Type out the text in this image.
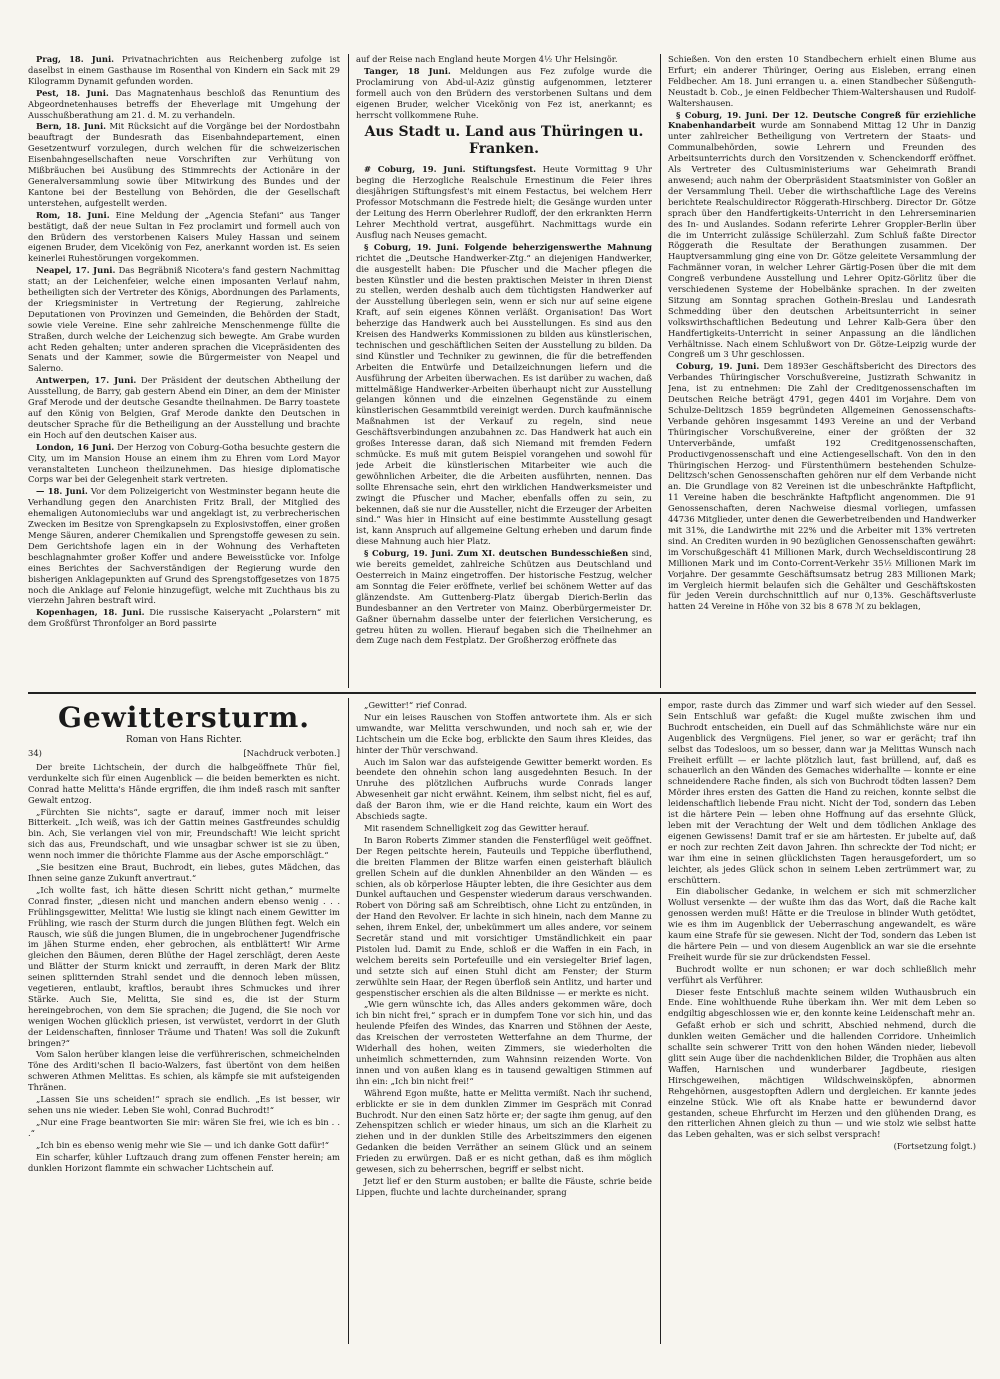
Prag, 18. Juni. Privatnachrichten aus Reichenberg zufolge ist daselbst in einem Gasthause im Rosenthal von Kindern ein Sack mit 29 Kilogramm Dynamit gefunden worden.

Pest, 18. Juni. Das Magnatenhaus beschloß das Renuntium des Abgeordnetenhauses betreffs der Eheverlage mit Umgehung der Ausschußberathung am 21. d. M. zu verhandeln.

Bern, 18. Juni. Mit Rücksicht auf die Vorgänge bei der Nordostbahn beauftragt der Bundesrath das Eisenbahndepartement, einen Gesetzentwurf vorzulegen, durch welchen für die schweizerischen Eisenbahngesellschaften neue Vorschriften zur Verhütung von Mißbräuchen bei Ausübung des Stimmrechts der Actionäre in der Generalversammlung sowie über Mitwirkung des Bundes und der Kantone bei der Bestellung von Behörden, die der Gesellschaft unterstehen, aufgestellt werden.

Rom, 18. Juni. Eine Meldung der „Agencia Stefani“ aus Tanger bestätigt, daß der neue Sultan in Fez proclamirt und formell auch von den Brüdern des verstorbenen Kaisers Muley Hassan und seinem eigenen Bruder, dem Vicekönig von Fez, anerkannt worden ist. Es seien keinerlei Ruhestörungen vorgekommen.

Neapel, 17. Juni. Das Begräbniß Nicotera's fand gestern Nachmittag statt; an der Leichenfeier, welche einen imposanten Verlauf nahm, betheiligten sich der Vertreter des Königs, Abordnungen des Parlaments, der Kriegsminister in Vertretung der Regierung, zahlreiche Deputationen von Provinzen und Gemeinden, die Behörden der Stadt, sowie viele Vereine. Eine sehr zahlreiche Menschenmenge füllte die Straßen, durch welche der Leichenzug sich bewegte. Am Grabe wurden acht Reden gehalten; unter anderen sprachen die Vicepräsidenten des Senats und der Kammer, sowie die Bürgermeister von Neapel und Salerno.

Antwerpen, 17. Juni. Der Präsident der deutschen Abtheilung der Ausstellung, de Barry, gab gestern Abend ein Diner, an dem der Minister Graf Merode und der deutsche Gesandte theilnahmen. De Barry toastete auf den König von Belgien, Graf Merode dankte den Deutschen in deutscher Sprache für die Betheiligung an der Ausstellung und brachte ein Hoch auf den deutschen Kaiser aus.

London, 16 Juni. Der Herzog von Coburg-Gotha besuchte gestern die City, um im Mansion House an einem ihm zu Ehren vom Lord Mayor veranstalteten Luncheon theilzunehmen. Das hiesige diplomatische Corps war bei der Gelegenheit stark vertreten.

— 18. Juni. Vor dem Polizeigericht von Westminster begann heute die Verhandlung gegen den Anarchisten Fritz Brall, der Mitglied des ehemaligen Autonomieclubs war und angeklagt ist, zu verbrecherischen Zwecken im Besitze von Sprengkapseln zu Explosivstoffen, einer großen Menge Säuren, anderer Chemikalien und Sprengstoffe gewesen zu sein. Dem Gerichtshofe lagen ein in der Wohnung des Verhafteten beschlagnahmter großer Koffer und andere Beweisstücke vor. Infolge eines Berichtes der Sachverständigen der Regierung wurde den bisherigen Anklagepunkten auf Grund des Sprengstoffgesetzes von 1875 noch die Anklage auf Felonie hinzugefügt, welche mit Zuchthaus bis zu vierzehn Jahren bestraft wird.

Kopenhagen, 18. Juni. Die russische Kaiseryacht „Polarstern“ mit dem Großfürst Thronfolger an Bord passirte

auf der Reise nach England heute Morgen 4½ Uhr Helsingör.

Tanger, 18 Juni. Meldungen aus Fez zufolge wurde die Proclamirung von Abd-ul-Aziz günstig aufgenommen, letzterer formell auch von den Brüdern des verstorbenen Sultans und dem eigenen Bruder, welcher Vicekönig von Fez ist, anerkannt; es herrscht vollkommene Ruhe.

Aus Stadt u. Land aus Thüringen u. Franken.

# Coburg, 19. Juni. Stiftungsfest. Heute Vormittag 9 Uhr beging die Herzogliche Realschule Ernestinum die Feier ihres diesjährigen Stiftungsfest's mit einem Festactus, bei welchem Herr Professor Motschmann die Festrede hielt; die Gesänge wurden unter der Leitung des Herrn Oberlehrer Rudloff, der den erkrankten Herrn Lehrer Mechthold vertrat, ausgeführt. Nachmittags wurde ein Ausflug nach Neuses gemacht.

§ Coburg, 19. Juni. Folgende beherzigenswerthe Mahnung richtet die „Deutsche Handwerker-Ztg.“ an diejenigen Handwerker, die ausgestellt haben: Die Pfuscher und die Macher pflegen die besten Künstler und die besten praktischen Meister in ihren Dienst zu stellen, werden deshalb auch dem tüchtigsten Handwerker auf der Ausstellung überlegen sein, wenn er sich nur auf seine eigene Kraft, auf sein eigenes Können verläßt. Organisation! Das Wort beherzige das Handwerk auch bei Ausstellungen. Es sind aus den Kreisen des Handwerks Kommissionen zu bilden aus künstlerischen, technischen und geschäftlichen Seiten der Ausstellung zu bilden. Da sind Künstler und Techniker zu gewinnen, die für die betreffenden Arbeiten die Entwürfe und Detailzeichnungen liefern und die Ausführung der Arbeiten überwachen. Es ist darüber zu wachen, daß mittelmäßige Handwerker-Arbeiten überhaupt nicht zur Ausstellung gelangen können und die einzelnen Gegenstände zu einem künstlerischen Gesammtbild vereinigt werden. Durch kaufmännische Maßnahmen ist der Verkauf zu regeln, sind neue Geschäftsverbindungen anzubahnen zc. Das Handwerk hat auch ein großes Interesse daran, daß sich Niemand mit fremden Federn schmücke. Es muß mit gutem Beispiel vorangehen und sowohl für jede Arbeit die künstlerischen Mitarbeiter wie auch die gewöhnlichen Arbeiter, die die Arbeiten ausführten, nennen. Das sollte Ehrensache sein, ehrt den wirklichen Handwerksmeister und zwingt die Pfuscher und Macher, ebenfalls offen zu sein, zu bekennen, daß sie nur die Aussteller, nicht die Erzeuger der Arbeiten sind.“ Was hier in Hinsicht auf eine bestimmte Ausstellung gesagt ist, kann Anspruch auf allgemeine Geltung erheben und darum finde diese Mahnung auch hier Platz.

§ Coburg, 19. Juni. Zum XI. deutschen Bundesschießen sind, wie bereits gemeldet, zahlreiche Schützen aus Deutschland und Oesterreich in Mainz eingetroffen. Der historische Festzug, welcher am Sonntag die Feier eröffnete, verlief bei schönem Wetter auf das glänzendste. Am Guttenberg-Platz übergab Dierich-Berlin das Bundesbanner an den Vertreter von Mainz. Oberbürgermeister Dr. Gaßner übernahm dasselbe unter der feierlichen Versicherung, es getreu hüten zu wollen. Hierauf begaben sich die Theilnehmer an dem Zuge nach dem Festplatz. Der Großherzog eröffnete das

Schießen. Von den ersten 10 Standbechern erhielt einen Blume aus Erfurt; ein anderer Thüringer, Oering aus Eisleben, errang einen Feldbecher. Am 18. Juni errangen u. a. einen Standbecher Süßenguth-Neustadt b. Cob., je einen Feldbecher Thiem-Waltershausen und Rudolf-Waltershausen.

§ Coburg, 19. Juni. Der 12. Deutsche Congreß für erziehliche Knabenhandarbeit wurde am Sonnabend Mittag 12 Uhr in Danzig unter zahlreicher Betheiligung von Vertretern der Staats- und Communalbehörden, sowie Lehrern und Freunden des Arbeitsunterrichts durch den Vorsitzenden v. Schenckendorff eröffnet. Als Vertreter des Cultusministeriums war Geheimrath Brandi anwesend; auch nahm der Oberpräsident Staatsminister von Goßler an der Versammlung Theil. Ueber die wirthschaftliche Lage des Vereins berichtete Realschuldirector Röggerath-Hirschberg. Director Dr. Götze sprach über den Handfertigkeits-Unterricht in den Lehrerseminarien des In- und Auslandes. Sodann referirte Lehrer Groppler-Berlin über die im Unterricht zulässige Schülerzahl. Zum Schluß faßte Director Röggerath die Resultate der Berathungen zusammen. Der Hauptversammlung ging eine von Dr. Götze geleitete Versammlung der Fachmänner voran, in welcher Lehrer Gärtig-Posen über die mit dem Congreß verbundene Ausstellung und Lehrer Opitz-Görlitz über die verschiedenen Systeme der Hobelbänke sprachen. In der zweiten Sitzung am Sonntag sprachen Gothein-Breslau und Landesrath Schmedding über den deutschen Arbeitsunterricht in seiner volkswirthschaftlichen Bedeutung und Lehrer Kalb-Gera über den Handfertigkeits-Unterricht in seiner Anpassung an die ländlichen Verhältnisse. Nach einem Schlußwort von Dr. Götze-Leipzig wurde der Congreß um 3 Uhr geschlossen.

Coburg, 19. Juni. Dem 1893er Geschäftsbericht des Directors des Verbandes Thüringischer Vorschußvereine, Justizrath Schwanitz in Jena, ist zu entnehmen: Die Zahl der Creditgenossenschaften im Deutschen Reiche beträgt 4791, gegen 4401 im Vorjahre. Dem von Schulze-Delitzsch 1859 begründeten Allgemeinen Genossenschafts-Verbande gehören insgesammt 1493 Vereine an und der Verband Thüringischer Vorschußvereine, einer der größten der 32 Unterverbände, umfaßt 192 Creditgenossenschaften, Productivgenossenschaft und eine Actiengesellschaft. Von den in den Thüringischen Herzog- und Fürstenthümern bestehenden Schulze-Delitzsch'schen Genossenschaften gehören nur elf dem Verbande nicht an. Die Grundlage von 82 Vereinen ist die unbeschränkte Haftpflicht, 11 Vereine haben die beschränkte Haftpflicht angenommen. Die 91 Genossenschaften, deren Nachweise diesmal vorliegen, umfassen 44736 Mitglieder, unter denen die Gewerbetreibenden und Handwerker mit 31%, die Landwirthe mit 22% und die Arbeiter mit 13% vertreten sind. An Crediten wurden in 90 bezüglichen Genossenschaften gewährt: im Vorschußgeschäft 41 Millionen Mark, durch Wechseldiscontirung 28 Millionen Mark und im Conto-Corrent-Verkehr 35½ Millionen Mark im Vorjahre. Der gesammte Geschäftsumsatz betrug 283 Millionen Mark; im Vergleich hiermit belaufen sich die Gehälter und Geschäftskosten für jeden Verein durchschnittlich auf nur 0,13%. Geschäftsverluste hatten 24 Vereine in Höhe von 32 bis 8 678 ℳ zu beklagen,

Gewittersturm.
Roman von Hans Richter.
34)	[Nachdruck verboten.]

Der breite Lichtschein, der durch die halbgeöffnete Thür fiel, verdunkelte sich für einen Augenblick — die beiden bemerkten es nicht. Conrad hatte Melitta's Hände ergriffen, die ihm indeß rasch mit sanfter Gewalt entzog.

„Fürchten Sie nichts“, sagte er darauf, immer noch mit leiser Bitterkeit. „Ich weiß, was ich der Gattin meines Gastfreundes schuldig bin. Ach, Sie verlangen viel von mir, Freundschaft! Wie leicht spricht sich das aus, Freundschaft, und wie unsagbar schwer ist sie zu üben, wenn noch immer die thörichte Flamme aus der Asche emporschlägt.“

„Sie besitzen eine Braut, Buchrodt, ein liebes, gutes Mädchen, das Ihnen seine ganze Zukunft anvertraut.“

„Ich wollte fast, ich hätte diesen Schritt nicht gethan,“ murmelte Conrad finster, „diesen nicht und manchen andern ebenso wenig . . . Frühlingsgewitter, Melitta! Wie lustig sie klingt nach einem Gewitter im Frühling, wie rasch der Sturm durch die jungen Blüthen fegt. Welch ein Rausch, wie süß die jungen Blumen, die in ungebrochener Jugendfrische im jähen Sturme enden, eher gebrochen, als entblättert! Wir Arme gleichen den Bäumen, deren Blüthe der Hagel zerschlägt, deren Aeste und Blätter der Sturm knickt und zerraufft, in deren Mark der Blitz seinen splitternden Strahl sendet und die dennoch leben müssen, vegetieren, entlaubt, kraftlos, beraubt ihres Schmuckes und ihrer Stärke. Auch Sie, Melitta, Sie sind es, die ist der Sturm hereingebrochen, von dem Sie sprachen; die Jugend, die Sie noch vor wenigen Wochen glücklich priesen, ist verwüstet, verdorrt in der Gluth der Leidenschaften, finnloser Träume und Thaten! Was soll die Zukunft bringen?“

Vom Salon herüber klangen leise die verführerischen, schmeichelnden Töne des Arditi'schen Il bacio-Walzers, fast übertönt von dem heißen schweren Athmen Melittas. Es schien, als kämpfe sie mit aufsteigenden Thränen.

„Lassen Sie uns scheiden!“ sprach sie endlich. „Es ist besser, wir sehen uns nie wieder. Leben Sie wohl, Conrad Buchrodt!“

„Nur eine Frage beantworten Sie mir: wären Sie frei, wie ich es bin . . .“

„Ich bin es ebenso wenig mehr wie Sie — und ich danke Gott dafür!“

Ein scharfer, kühler Luftzauch drang zum offenen Fenster herein; am dunklen Horizont flammte ein schwacher Lichtschein auf.

„Gewitter!“ rief Conrad.

Nur ein leises Rauschen von Stoffen antwortete ihm. Als er sich umwandte, war Melitta verschwunden, und noch sah er, wie der Lichtschein um die Ecke bog, erblickte den Saum ihres Kleides, das hinter der Thür verschwand.

Auch im Salon war das aufsteigende Gewitter bemerkt worden. Es beendete den ohnehin schon lang ausgedehnten Besuch. In der Unruhe des plötzlichen Aufbruchs wurde Conrads langer Abwesenheit gar nicht erwähnt. Keinem, ihm selbst nicht, fiel es auf, daß der Baron ihm, wie er die Hand reichte, kaum ein Wort des Abschieds sagte.

Mit rasendem Schnelligkeit zog das Gewitter herauf.

In Baron Roberts Zimmer standen die Fensterflügel weit geöffnet. Der Regen peitschte herein, Fauteuils und Teppiche überfluthend, die breiten Flammen der Blitze warfen einen geisterhaft bläulich grellen Schein auf die dunklen Ahnenbilder an den Wänden — es schien, als ob körperlose Häupter lebten, die ihre Gesichter aus dem Dunkel auftauchen und Gespenster wiederum daraus verschwanden. Robert von Döring saß am Schreibtisch, ohne Licht zu entzünden, in der Hand den Revolver. Er lachte in sich hinein, nach dem Manne zu sehen, ihrem Enkel, der, unbekümmert um alles andere, vor seinem Secretär stand und mit vorsichtiger Umständlichkeit ein paar Pistolen lud. Damit zu Ende, schloß er die Waffen in ein Fach, in welchem bereits sein Portefeuille und ein versiegelter Brief lagen, und setzte sich auf einen Stuhl dicht am Fenster; der Sturm zerwühlte sein Haar, der Regen überfloß sein Antlitz, und harter und gespenstischer erschien als die alten Bildnisse — er merkte es nicht.

„Wie gern wünschte ich, das Alles anders gekommen wäre, doch ich bin nicht frei,“ sprach er in dumpfem Tone vor sich hin, und das heulende Pfeifen des Windes, das Knarren und Stöhnen der Aeste, das Kreischen der verrosteten Wetterfahne an dem Thurme, der Widerhall des hohen, weiten Zimmers, sie wiederholten die unheimlich schmetternden, zum Wahnsinn reizenden Worte. Von innen und von außen klang es in tausend gewaltigen Stimmen auf ihn ein: „Ich bin nicht frei!“

Während Egon mußte, hatte er Melitta vermißt. Nach ihr suchend, erblickte er sie in dem dunklen Zimmer im Gespräch mit Conrad Buchrodt. Nur den einen Satz hörte er; der sagte ihm genug, auf den Zehenspitzen schlich er wieder hinaus, um sich an die Klarheit zu ziehen und in der dunklen Stille des Arbeitszimmers den eigenen Gedanken die beiden Verräther an seinem Glück und an seinem Frieden zu erwürgen. Daß er es nicht gethan, daß es ihm möglich gewesen, sich zu beherrschen, begriff er selbst nicht.

Jetzt lief er den Sturm austoben; er ballte die Fäuste, schrie beide Lippen, fluchte und lachte durcheinander, sprang

empor, raste durch das Zimmer und warf sich wieder auf den Sessel. Sein Entschluß war gefaßt: die Kugel mußte zwischen ihm und Buchrodt entscheiden, ein Duell auf das Schmählichste wäre nur ein Augenblick des Vergnügens. Fiel jener, so war er gerächt; traf ihn selbst das Todesloos, um so besser, dann war ja Melittas Wunsch nach Freiheit erfüllt — er lachte plötzlich laut, fast brüllend, auf, daß es schauerlich an den Wänden des Gemaches widerhallte — konnte er eine schneidendere Rache finden, als sich von Buchrodt tödten lassen? Dem Mörder ihres ersten des Gatten die Hand zu reichen, konnte selbst die leidenschaftlich liebende Frau nicht. Nicht der Tod, sondern das Leben ist die härtere Pein — leben ohne Hoffnung auf das ersehnte Glück, leben mit der Verachtung der Welt und dem tödlichen Anklage des eigenen Gewissens! Damit traf er sie am härtesten. Er jubelte auf, daß er noch zur rechten Zeit davon Jahren. Ihn schreckte der Tod nicht; er war ihm eine in seinen glücklichsten Tagen herausgefordert, um so leichter, als jedes Glück schon in seinem Leben zertrümmert war, zu erschüttern.

Ein diabolischer Gedanke, in welchem er sich mit schmerzlicher Wollust versenkte — der wußte ihm das das Wort, daß die Rache kalt genossen werden muß! Hätte er die Treulose in blinder Wuth getödtet, wie es ihm im Augenblick der Ueberraschung angewandelt, es wäre kaum eine Strafe für sie gewesen. Nicht der Tod, sondern das Leben ist die härtere Pein — und von diesem Augenblick an war sie die ersehnte Freiheit wurde für sie zur drückendsten Fessel.

Buchrodt wollte er nun schonen; er war doch schließlich mehr verführt als Verführer.

Dieser feste Entschluß machte seinem wilden Wuthausbruch ein Ende. Eine wohlthuende Ruhe überkam ihn. Wer mit dem Leben so endgiltig abgeschlossen wie er, den konnte keine Leidenschaft mehr an.

Gefaßt erhob er sich und schritt, Abschied nehmend, durch die dunklen weiten Gemächer und die hallenden Corridore. Unheimlich schallte sein schwerer Tritt von den hohen Wänden nieder, liebevoll glitt sein Auge über die nachdenklichen Bilder, die Trophäen aus alten Waffen, Harnischen und wunderbarer Jagdbeute, riesigen Hirschgeweihen, mächtigen Wildschweinsköpfen, abnormen Rehgehörnen, ausgestopften Adlern und dergleichen. Er kannte jedes einzelne Stück. Wie oft als Knabe hatte er bewundernd davor gestanden, scheue Ehrfurcht im Herzen und den glühenden Drang, es den ritterlichen Ahnen gleich zu thun — und wie stolz wie selbst hatte das Leben gehalten, was er sich selbst versprach!

(Fortsetzung folgt.)
